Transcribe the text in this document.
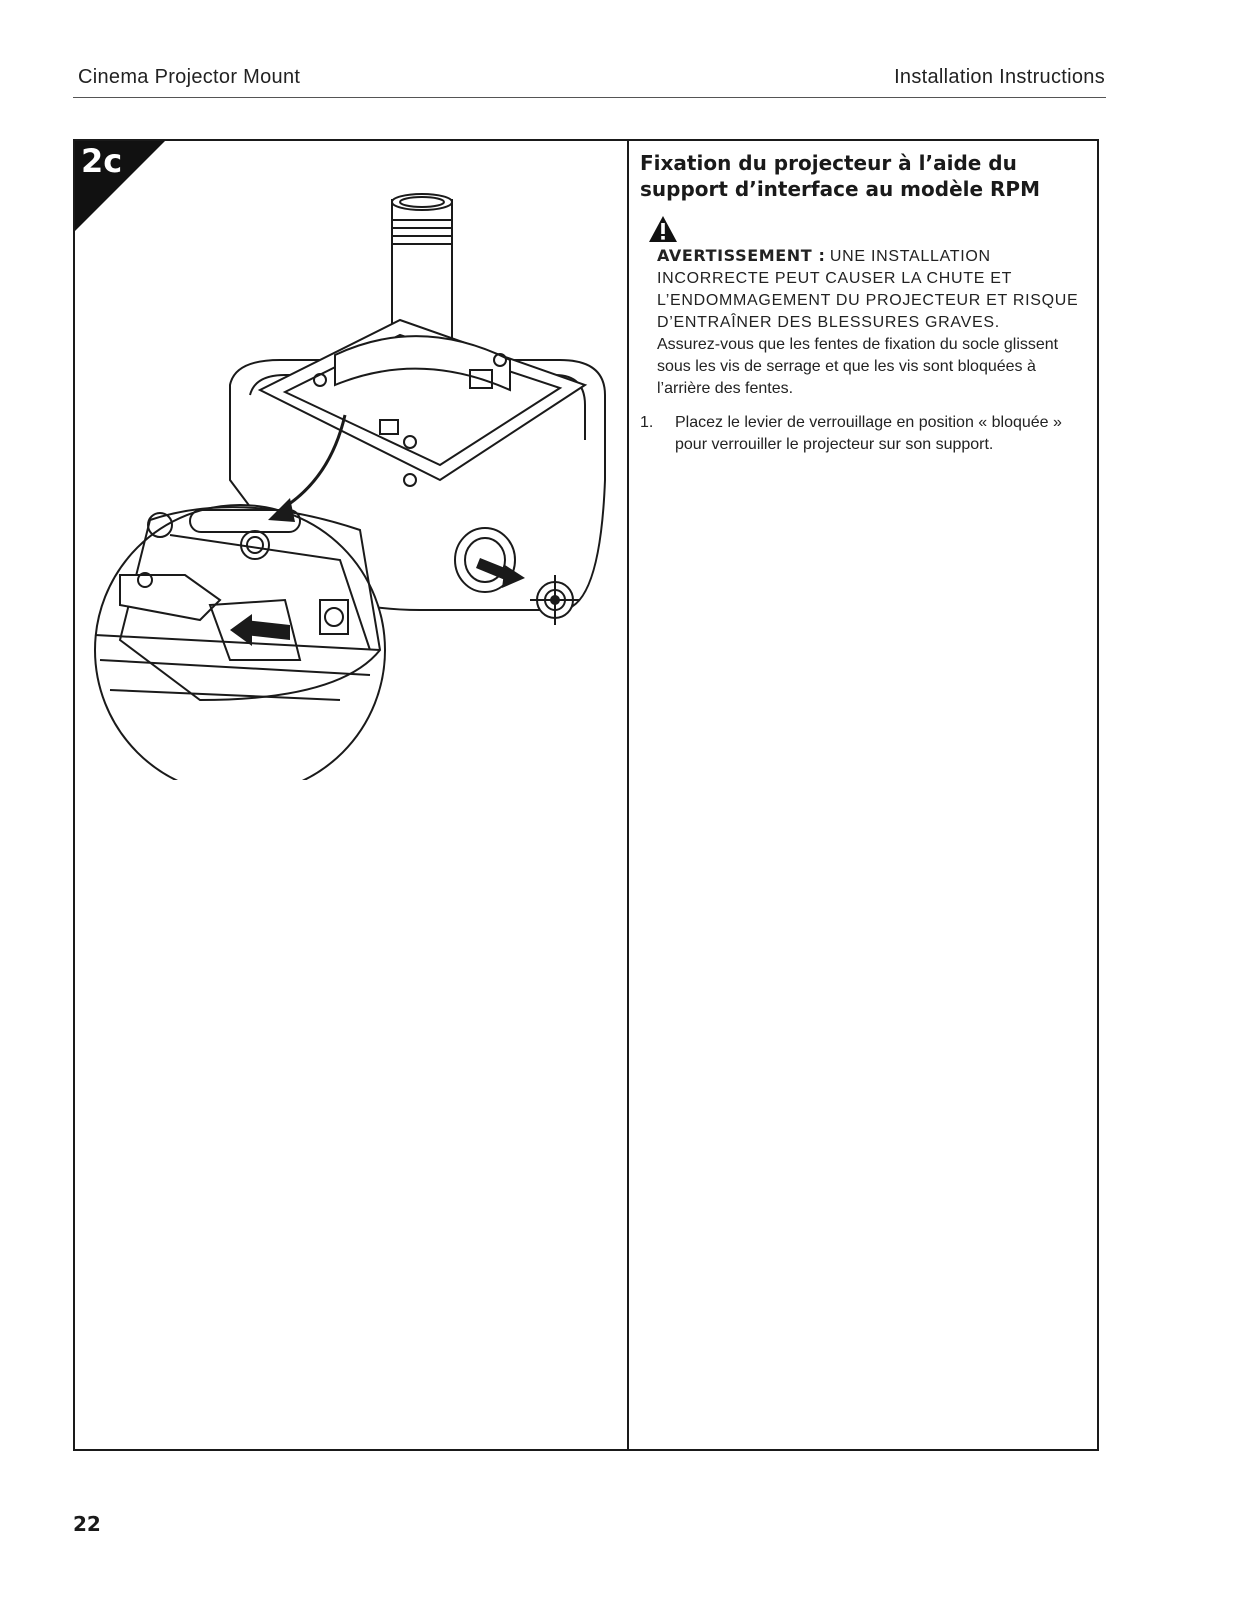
Cinema Projector Mount	Installation Instructions
2c	Fixation du projecteur à l’aide du support d’interface au modèle RPM
AVERTISSEMENT : UNE INSTALLATION INCORRECTE PEUT CAUSER LA CHUTE ET L’ENDOMMAGEMENT DU PROJECTEUR ET RISQUE D’ENTRAÎNER DES BLESSURES GRAVES.
Assurez-vous que les fentes de fixation du socle glissent sous les vis de serrage et que les vis sont bloquées à l’arrière des fentes.
1.	Placez le levier de verrouillage en position « bloquée » pour verrouiller le projecteur sur son support.
22
